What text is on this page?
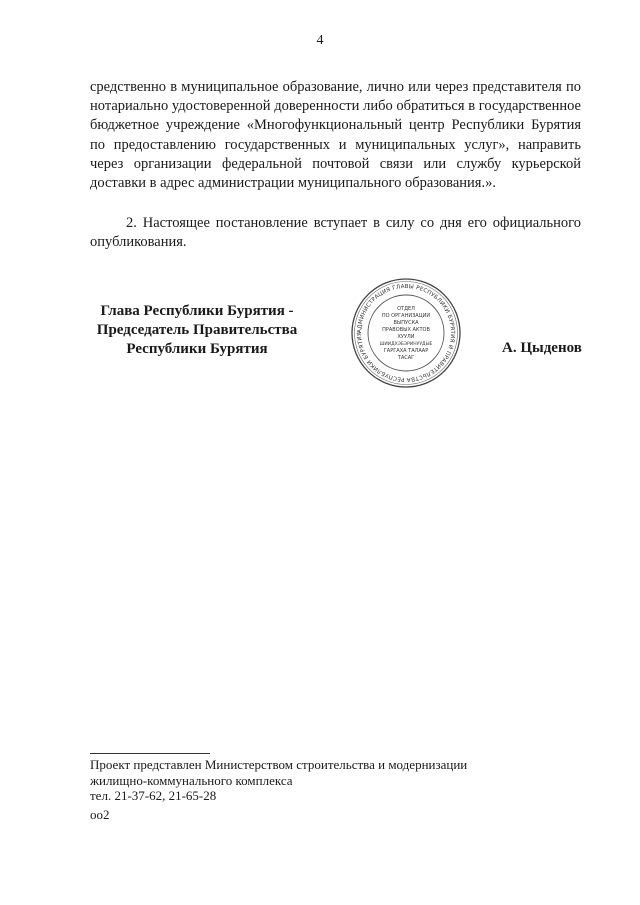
4
средственно в муниципальное образование, лично или через представителя по нотариально удостоверенной доверенности либо обратиться в государственное бюджетное учреждение «Многофункциональный центр Республики Бурятия по предоставлению государственных и муниципальных услуг», направить через организации федеральной почтовой связи или службу курьерской доставки в адрес администрации муниципального образования.».
2. Настоящее постановление вступает в силу со дня его официального опубликования.
Глава Республики Бурятия -
Председатель Правительства
Республики Бурятия
АДМИНИСТРАЦИЯ ГЛАВЫ РЕСПУБЛИКИ БУРЯТИЯ И ПРАВИТЕЛЬСТВА РЕСПУБЛИКИ БУРЯТИЯ
ОТДЕЛ
ПО ОРГАНИЗАЦИИ
ВЫПУСКА
ПРАВОВЫХ АКТОВ
ХУУЛИ
ШИИДХЭБЭРИНУУДЫЕ
ГАРГАХА ТАЛААР
ТАСАГ
А. Цыденов
Проект представлен Министерством строительства и модернизации
жилищно-коммунального комплекса
тел. 21-37-62, 21-65-28
оо2
